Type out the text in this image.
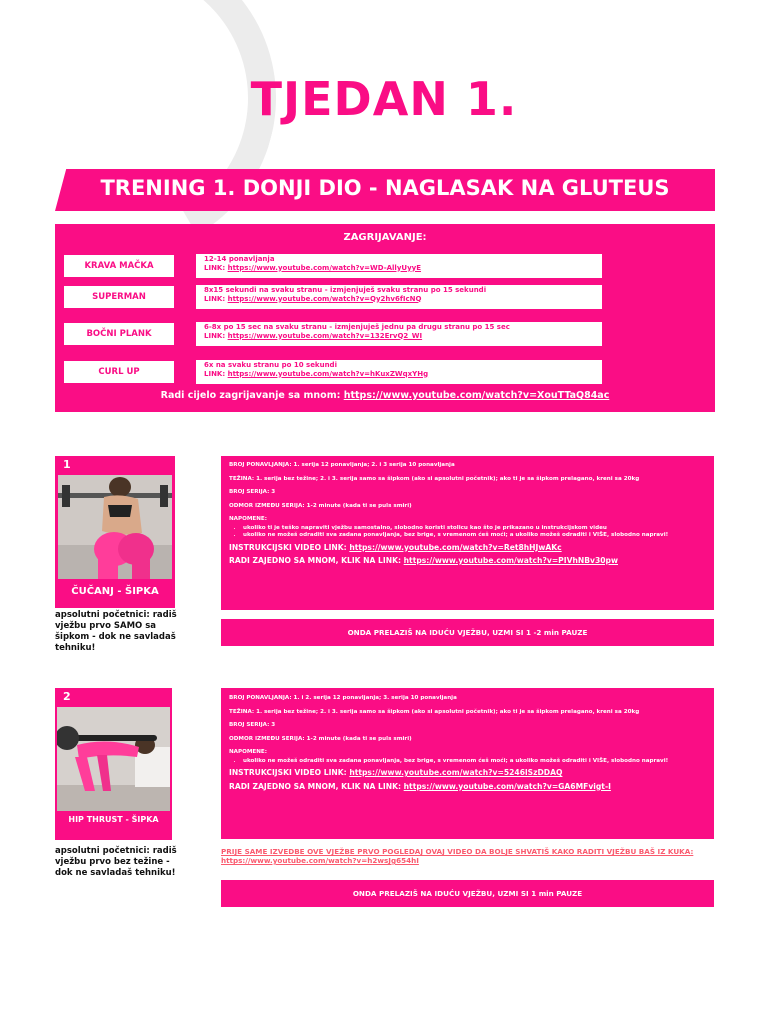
TJEDAN 1.
TRENING 1. DONJI DIO - NAGLASAK NA GLUTEUS
ZAGRIJAVANJE:
KRAVA MAČKA
12-14 ponavljanja
LINK: https://www.youtube.com/watch?v=WD-AllyUyyE
SUPERMAN
8x15 sekundi na svaku stranu - izmjenjuješ svaku stranu po 15 sekundi
LINK: https://www.youtube.com/watch?v=Qy2hv6fIcNQ
BOČNI PLANK
6-8x po 15 sec na svaku stranu - izmjenjuješ jednu pa drugu stranu po 15 sec
LINK: https://www.youtube.com/watch?v=132ErvQ2_WI
CURL UP
6x na svaku stranu po 10 sekundi
LINK: https://www.youtube.com/watch?v=hKuxZWqxYHg
Radi cijelo zagrijavanje sa mnom: https://www.youtube.com/watch?v=XouTTaQ84ac
1
ČUČANJ - ŠIPKA
apsolutni početnici: radiš vježbu prvo SAMO sa šipkom - dok ne savladaš tehniku!

BROJ PONAVLJANJA: 1. serija 12 ponavljanja; 2. i 3 serija 10 ponavljanja

TEŽINA: 1. serija bez težine; 2. i 3. serija samo sa šipkom (ako si apsolutni početnik); ako ti je sa šipkom prelagano, kreni sa 20kg

BROJ SERIJA: 3

ODMOR IZMEĐU SERIJA: 1-2 minute (kada ti se puls smiri)

NAPOMENE:

• ukoliko ti je teško napraviti vježbu samostalno, slobodno koristi stolicu kao što je prikazano u instrukcijskom videu
• ukoliko ne možeš odraditi sva zadana ponavljanja, bez brige, s vremenom ćeš moći; a ukoliko možeš odraditi i VIŠE, slobodno napravi!

INSTRUKCIJSKI VIDEO LINK: https://www.youtube.com/watch?v=Ret8hHJwAKc

RADI ZAJEDNO SA MNOM, KLIK NA LINK: https://www.youtube.com/watch?v=PIVhNBv30pw

ONDA PRELAZIŠ NA IDUĆU VJEŽBU, UZMI SI 1 -2 min PAUZE
2
HIP THRUST - ŠIPKA
apsolutni početnici: radiš vježbu prvo bez težine - dok ne savladaš tehniku!

BROJ PONAVLJANJA: 1. i 2. serija 12 ponavljanja; 3. serija 10 ponavljanja

TEŽINA: 1. serija bez težine; 2. i 3. serija samo sa šipkom (ako si apsolutni početnik); ako ti je sa šipkom prelagano, kreni sa 20kg

BROJ SERIJA: 3

ODMOR IZMEĐU SERIJA: 1-2 minute (kada ti se puls smiri)

NAPOMENE:

• ukoliko ne možeš odraditi sva zadana ponavljanja, bez brige, s vremenom ćeš moći; a ukoliko možeš odraditi i VIŠE, slobodno napravi!

INSTRUKCIJSKI VIDEO LINK: https://www.youtube.com/watch?v=5246lSzDDAQ

RADI ZAJEDNO SA MNOM, KLIK NA LINK: https://www.youtube.com/watch?v=GA6MFvigt-I

PRIJE SAME IZVEDBE OVE VJEŽBE PRVO POGLEDAJ OVAJ VIDEO DA BOLJE SHVATIŠ KAKO RADITI VJEŽBU BAŠ IZ KUKA: https://www.youtube.com/watch?v=h2wsJg654hI
ONDA PRELAZIŠ NA IDUĆU VJEŽBU, UZMI SI 1 min PAUZE
